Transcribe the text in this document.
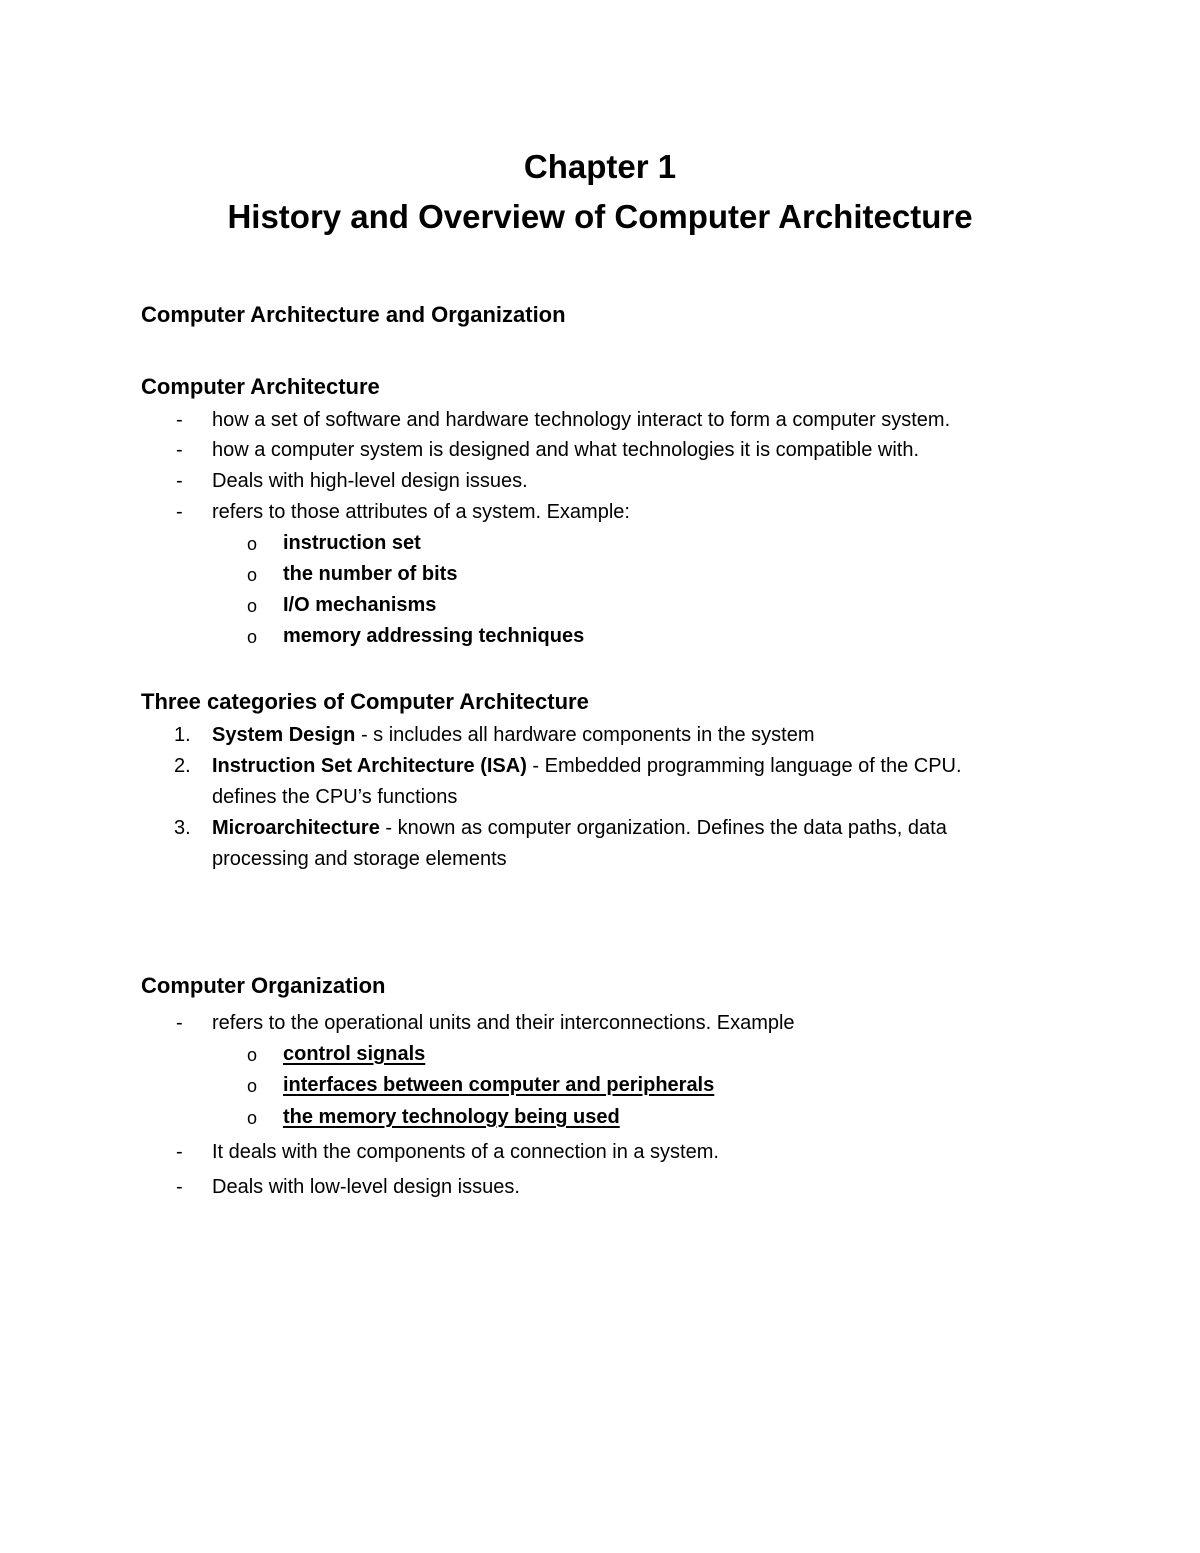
Chapter 1
History and Overview of Computer Architecture
Computer Architecture and Organization
Computer Architecture
- how a set of software and hardware technology interact to form a computer system.
- how a computer system is designed and what technologies it is compatible with.
- Deals with high-level design issues.
- refers to those attributes of a system. Example:
o instruction set
o the number of bits
o I/O mechanisms
o memory addressing techniques
Three categories of Computer Architecture
1. System Design - s includes all hardware components in the system
2. Instruction Set Architecture (ISA) - Embedded programming language of the CPU.
defines the CPU’s functions
3. Microarchitecture - known as computer organization. Defines the data paths, data
processing and storage elements
Computer Organization
- refers to the operational units and their interconnections. Example
o control signals
o interfaces between computer and peripherals
o the memory technology being used
- It deals with the components of a connection in a system.
- Deals with low-level design issues.
